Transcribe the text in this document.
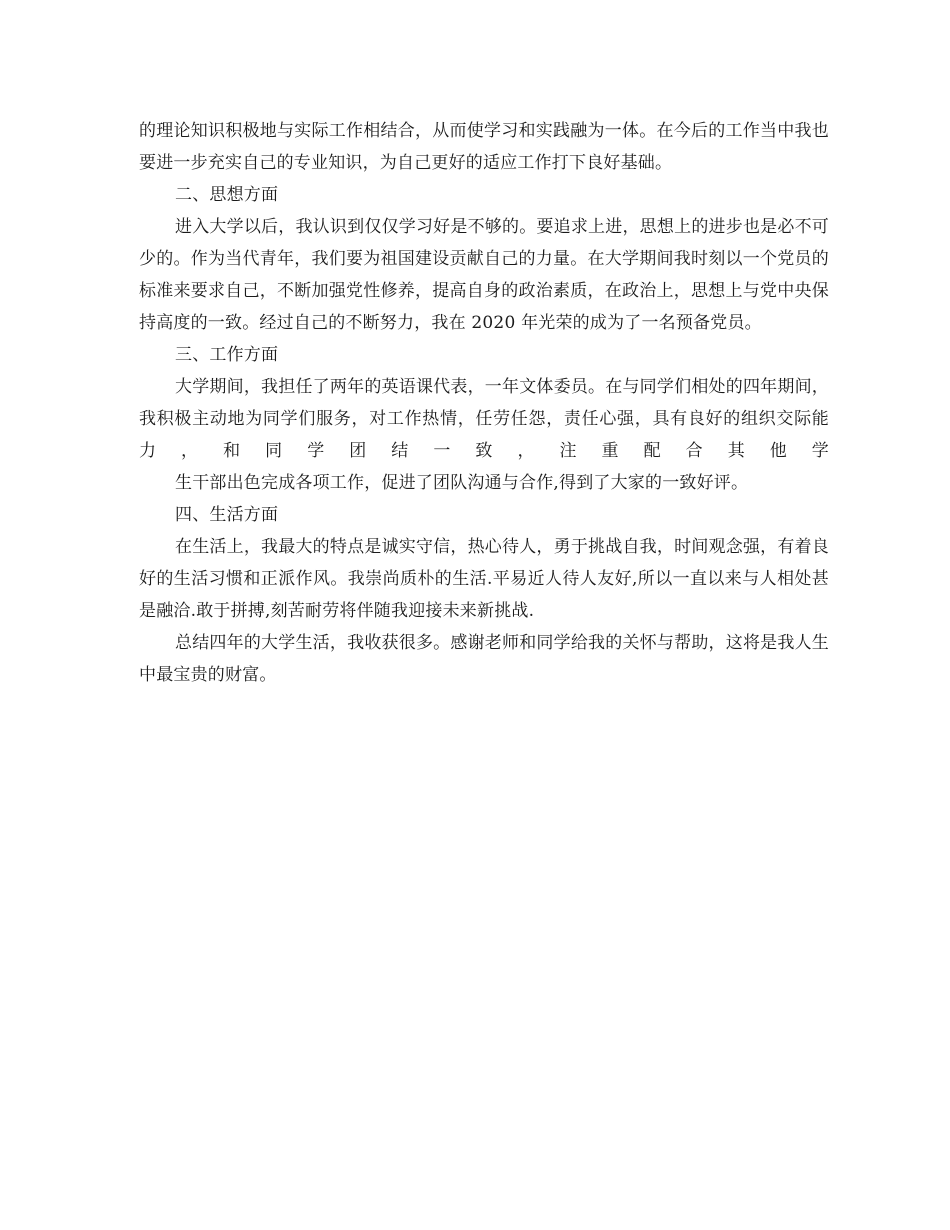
的理论知识积极地与实际工作相结合，从而使学习和实践融为一体。在今后的工作当中我也要进一步充实自己的专业知识，为自己更好的适应工作打下良好基础。

二、思想方面

进入大学以后，我认识到仅仅学习好是不够的。要追求上进，思想上的进步也是必不可少的。作为当代青年，我们要为祖国建设贡献自己的力量。在大学期间我时刻以一个党员的标准来要求自己，不断加强党性修养，提高自身的政治素质，在政治上，思想上与党中央保持高度的一致。经过自己的不断努力，我在 2020 年光荣的成为了一名预备党员。

三、工作方面

大学期间，我担任了两年的英语课代表，一年文体委员。在与同学们相处的四年期间，我积极主动地为同学们服务，对工作热情，任劳任怨，责任心强，具有良好的组织交际能力，和同学团结一致，注重配合其他学

生干部出色完成各项工作，促进了团队沟通与合作,得到了大家的一致好评。

四、生活方面

在生活上，我最大的特点是诚实守信，热心待人，勇于挑战自我，时间观念强，有着良好的生活习惯和正派作风。我崇尚质朴的生活.平易近人待人友好,所以一直以来与人相处甚是融洽.敢于拼搏,刻苦耐劳将伴随我迎接未来新挑战.

总结四年的大学生活，我收获很多。感谢老师和同学给我的关怀与帮助，这将是我人生中最宝贵的财富。
